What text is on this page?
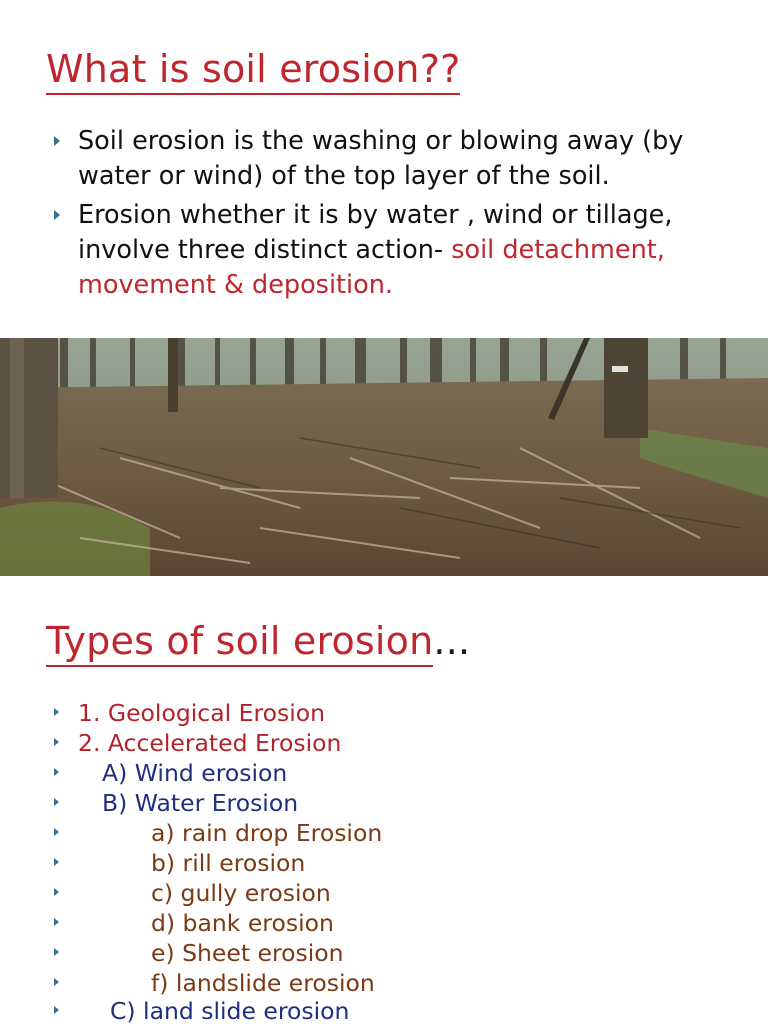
What is soil erosion??
Soil erosion is the washing or blowing away (by water or wind) of the top layer of the soil.
Erosion whether it is by water , wind or tillage, involve three distinct action- soil detachment, movement & deposition.
Types of soil erosion...
1. Geological Erosion
2. Accelerated Erosion
A) Wind erosion
B) Water Erosion
a) rain drop Erosion
b) rill erosion
c) gully erosion
d) bank erosion
e) Sheet erosion
f) landslide erosion
C) land slide erosion
